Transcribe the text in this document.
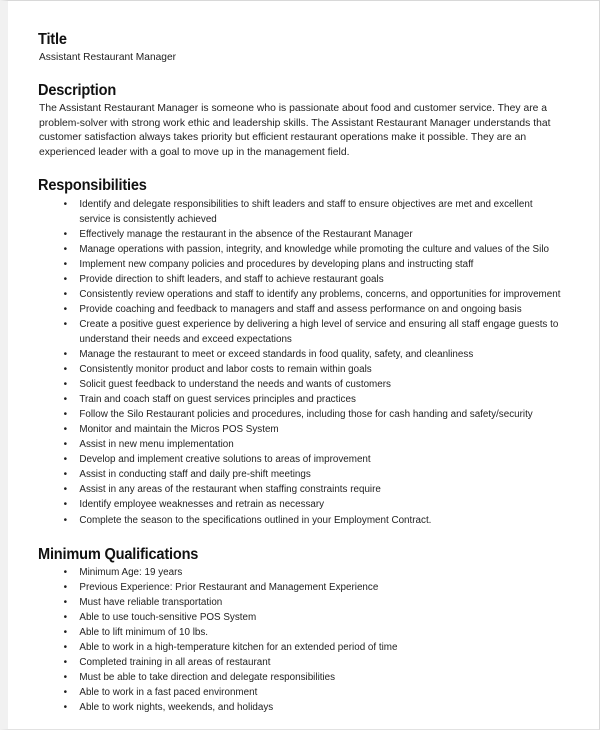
Title
Assistant Restaurant Manager
Description

The Assistant Restaurant Manager is someone who is passionate about food and customer service. They are a problem-solver with strong work ethic and leadership skills. The Assistant Restaurant Manager understands that customer satisfaction always takes priority but efficient restaurant operations make it possible. They are an experienced leader with a goal to move up in the management field.

Responsibilities
• Identify and delegate responsibilities to shift leaders and staff to ensure objectives are met and excellent service is consistently achieved
• Effectively manage the restaurant in the absence of the Restaurant Manager
• Manage operations with passion, integrity, and knowledge while promoting the culture and values of the Silo
• Implement new company policies and procedures by developing plans and instructing staff
• Provide direction to shift leaders, and staff to achieve restaurant goals
• Consistently review operations and staff to identify any problems, concerns, and opportunities for improvement
• Provide coaching and feedback to managers and staff and assess performance on and ongoing basis
• Create a positive guest experience by delivering a high level of service and ensuring all staff engage guests to understand their needs and exceed expectations
• Manage the restaurant to meet or exceed standards in food quality, safety, and cleanliness
• Consistently monitor product and labor costs to remain within goals
• Solicit guest feedback to understand the needs and wants of customers
• Train and coach staff on guest services principles and practices
• Follow the Silo Restaurant policies and procedures, including those for cash handing and safety/security
• Monitor and maintain the Micros POS System
• Assist in new menu implementation
• Develop and implement creative solutions to areas of improvement
• Assist in conducting staff and daily pre-shift meetings
• Assist in any areas of the restaurant when staffing constraints require
• Identify employee weaknesses and retrain as necessary
• Complete the season to the specifications outlined in your Employment Contract.
Minimum Qualifications
• Minimum Age: 19 years
• Previous Experience: Prior Restaurant and Management Experience
• Must have reliable transportation
• Able to use touch-sensitive POS System
• Able to lift minimum of 10 lbs.
• Able to work in a high-temperature kitchen for an extended period of time
• Completed training in all areas of restaurant
• Must be able to take direction and delegate responsibilities
• Able to work in a fast paced environment
• Able to work nights, weekends, and holidays
